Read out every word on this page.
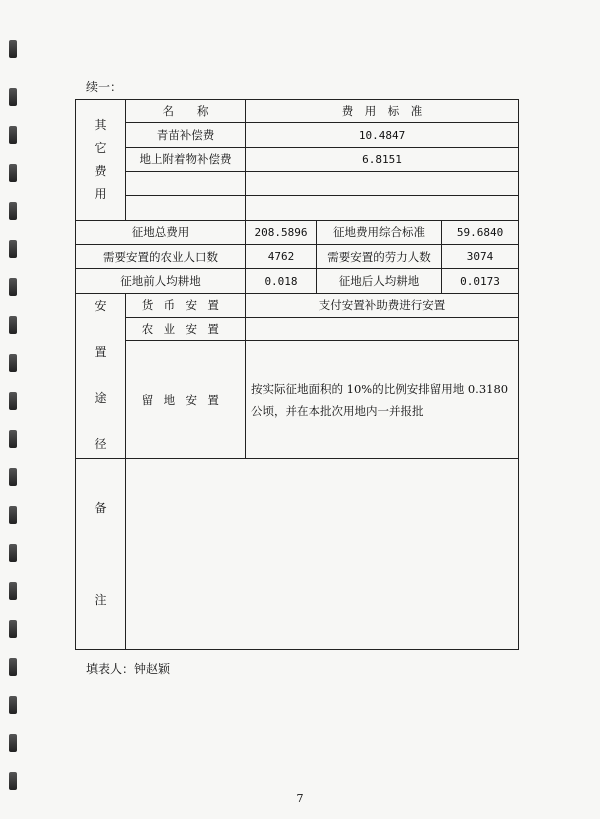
续一：
其
它
费
用	名　　称	费　用　标　准		
	青苗补偿费	10.4847		
	地上附着物补偿费	6.8151		

征地总费用		208.5896	征地费用综合标准	59.6840
需要安置的农业人口数		4762	需要安置的劳力人数	3074
征地前人均耕地		0.018	征地后人均耕地	0.0173
安

置

途

径	货币安置	支付安置补助费进行安置		
	农业安置			
	留地安置	按实际征地面积的 10%的比例安排留用地 0.3180 公顷，并在本批次用地内一并报批		
备
注				
填表人：钟赵颖
7
